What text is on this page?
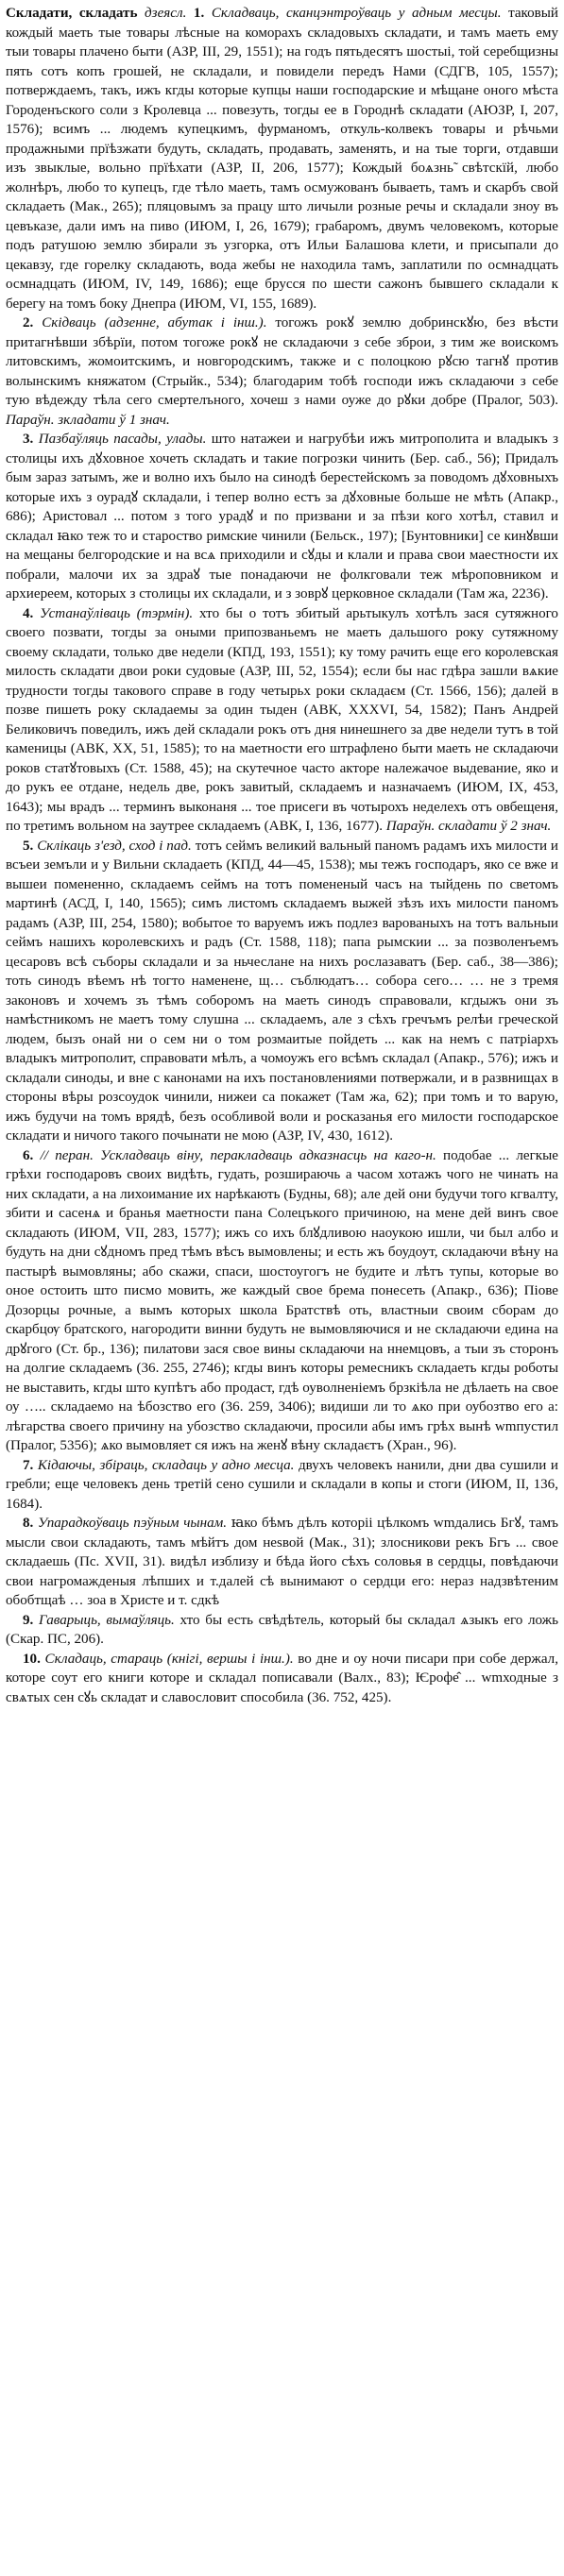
Складати, складать дзеясл. 1. Складваць, сканцэнтроўваць у адным месцы. таковый кождый маеть тые товары лѣсные на коморахъ складовыхъ складати, и тамъ маеть ему тыи товары плачено быти (АЗР, III, 29, 1551); на годъ пятьдесятъ шостыі, той серебщизны пять сотъ копъ грошей, не складали, и повидели передъ Нами (СДГВ, 105, 1557); потверждаемъ, такъ, ижъ кгды которые купцы наши господарские и мѣщане оного мѣста Городенъского соли з Кролевца ... повезуть, тогды ее в Городнѣ складати (АЮЗР, I, 207, 1576); всимъ ... людемъ купецкимъ, фурманомъ, откуль-колвекъ товары и рѣчьми продажными прїѣзжати будуть, складать, продавать, заменять, и на тые торги, отдавши изъ звыклые, вольно прїѣхати (АЗР, II, 206, 1577); Кождый боѧзнь̃ свѣтскїй, любо жолнѣръ, любо то купецъ, где тѣло маеть, тамъ осмужованъ бываеть, тамъ и скарбъ свой складаеть (Мак., 265); пляцовымъ за працу што личыли розные речы и складали зноу въ цевъказе, дали имъ на пиво (ИЮМ, I, 26, 1679); грабаромъ, двумъ человекомъ, которые подъ ратушою землю збирали зъ узгорка, отъ Ильи Балашова клети, и присыпали до цекавзу, где горелку складають, вода жебы не находила тамъ, заплатили по осмнадцать осмнадцать (ИЮМ, IV, 149, 1686); еще брусся по шести сажонъ бывшего складали к берегу на томъ боку Днепра (ИЮМ, VI, 155, 1689).

2. Скідваць (адзенне, абутак і інш.). тогожъ рокꙋ землю добринскꙋю, без вѣсти притагнѣвши збѣрїи, потом тогоже рокꙋ не складаючи з себе зброи, з тим же воискомъ литовскимъ, жомоитскимъ, и новгородскимъ, также и с полоцкою рꙋсю тагнꙋ против волынскимъ княжатом (Стрыйк., 534); благодарим тобѣ господи ижъ складаючи з себе тую вѣдежду тѣла сего смертелъного, хочеш з нами оуже до рꙋки добре (Пралог, 503). Параўн. зкладати ў 1 знач.

3. Пазбаўляць пасады, улады. што натажеи и нагрубѣи ижъ митрополита и владыкъ з столицы ихъ дꙋховное хочеть складать и такие погрозки чинить (Бер. саб., 56); Придалъ бым зараз затымъ, же и волно ихъ было на синодѣ берестейскомъ за поводомъ дꙋховныхъ которые ихъ з оурадꙋ складали, і тепер волно естъ за дꙋховные больше не мѣть (Апакр., 686); Аристовал ... потом з того урадꙋ и по призвани и за пѣзи кого хотѣл, ставил и складал ꙗко теж то и староство римские чинили (Бельск., 197); [Бунтовники] се кинꙋвши на мещаны белгородские и на всѧ приходили и сꙋды и клали и права свои маестности их побрали, малочи их за здраꙋ тые понадаючи не фолкговали теж мѣроповником и архиереем, которых з столицы их складали, и з зоврꙋ церковное складали (Там жа, 2236).

4. Устанаўліваць (тэрмін). хто бы о тотъ збитый арьтыкулъ хотѣлъ зася сутяжного своего позвати, тогды за оными припозваньемъ не маеть дальшого року сутяжному своему складати, только две недели (КПД, 193, 1551); ку тому рачить еще его королевская милость складати двои роки судовые (АЗР, III, 52, 1554); если бы нас гдѣра зашли вѧкие трудности тогды такового справе в году четырьх роки складаєм (Ст. 1566, 156); далей в позве пишеть року складаемы за один тыден (АВК, XXXVI, 54, 1582); Панъ Андрей Беликовичъ поведилъ, ижъ дей складали рокъ отъ дня нинешнего за две недели тутъ в той каменицы (АВК, XX, 51, 1585); то на маетности его штрафлено быти маеть не складаючи роков статꙋтовыхъ (Ст. 1588, 45); на скутечное часто акторе належачое выдевание, яко и до рукъ ее отдане, недель две, рокъ завитый, складаемъ и назначаемъ (ИЮМ, IX, 453, 1643); мы врадъ ... терминъ выконаня ... тое присеги въ чотырохъ неделехъ отъ овбещеня, по третимъ вольном на заутрее складаемъ (АВК, I, 136, 1677). Параўн. складати ў 2 знач.

5. Склікаць з'езд, сход і пад. тотъ сеймъ великий вальный паномъ радамъ ихъ милости и всъеи земъли и у Вильни складаеть (КПД, 44—45, 1538); мы тежъ господаръ, яко се вже и вышеи помененно, складаемъ сеймъ на тотъ помененый часъ на тыйдень по светомъ мартинѣ (АСД, I, 140, 1565); симъ листомъ складаемъ выжей зѣзъ ихъ милости паномъ радамъ (АЗР, III, 254, 1580); вобытое то варуемъ ижъ подлез варованыхъ на тотъ вальныи сеймъ нашихъ королевскихъ и радъ (Ст. 1588, 118); папа рымскии ... за позволенъемъ цесаровъ всѣ съборы складали и за ньчеслане на нихъ рослазаватъ (Бер. саб., 38—386); тоть синодъ вѣемъ нѣ тогто наменене, щ… съблюдатъ… собора сего… … не з тремя законовъ и хочемъ зъ тѣмъ соборомъ на маеть синодъ справовали, кгдыжъ они зъ намѣстникомъ не маетъ тому слушна ... складаемъ, але з сѣхъ гречъмъ релѣи греческой людем, бызъ онай ни о сем ни о том розмаитые пойдеть ... как на немъ с патрiархъ владыкъ митрополит, справовати мѣлъ, а чомоужъ его всѣмъ складал (Апакр., 576); ижъ и складали синоды, и вне с канонами на ихъ постановлениями потвержали, и в развнищах в стороны вѣры розсоудок чинили, нижеи са покажет (Там жа, 62); при томъ и то варую, ижъ будучи на томъ врядѣ, безъ особливой воли и росказанья его милости господарское складати и ничого такого почынати не мою (АЗР, IV, 430, 1612).

6. // перан. Ускладваць віну, перакладваць адказнасць на каго-н. подобае ... легкые грѣхи господаровъ своих видѣть, гудать, розшираючь а часом хотажъ чого не чинать на них складати, а на лихоимание их нарѣкають (Будны, 68); але дей они будучи того кгвалту, збити и сасенѧ и бранья маетности пана Солецъкого причиною, на мене дей винъ свое складають (ИЮМ, VII, 283, 1577); ижъ со ихъ блꙋдливою наоукою ишли, чи был албо и будуть на дни сꙋдномъ пред тѣмъ вѣсъ вымовлены; и есть жъ боудоут, складаючи вѣну на пастырѣ вымовляны; або скажи, спаси, шостоугогъ не будите и лѣтъ тупы, которые во оное остоить што писмо мовить, же каждый свое брема понесеть (Апакр., 636); Піове Дозорцы рочные, а вымъ которых школа Братствѣ оть, властныи своим сборам до скарбцѹ братского, нагородити винни будуть не вымовляючися и не складаючи едина на дрꙋгого (Ст. бр., 136); пилатови зася свое вины складаючи на ннемцовъ, а тыи зъ сторонъ на долгие складаемъ (36. 255, 2746); кгды винъ которы ремесникъ складаеть кгды роботы не выставить, кгды што купѣтъ або продаст, гдѣ оуволненіемъ брзкіѣла не дѣлаеть на свое оу ….. складаемо на ѣбозство его (36. 259, 3406); видиши ли то ѧко при оубозтво его а: лѣгарства своего причину на убозство складаючи, просили абы имъ грѣх вынѣ wmпустил (Пралог, 5356); ѧко вымовляет ся ижъ на женꙋ вѣну складаєтъ (Хран., 96).

7. Кідаючы, збіраць, складаць у адно месца. двухъ человекъ нанили, дни два сушили и гребли; еще человекъ день третій сено сушили и складали в копы и стоги (ИЮМ, II, 136, 1684).

8. Упарадкоўваць пэўным чынам. ꙗко бѣмъ дѣлъ котоpii цѣлкомъ wmдались Бгꙋ, тамъ мысли свои складають, тамъ мѣйтъ дом неsвой (Мак., 31); злосникови рекъ Бгъ ... свое складаешь (Пс. XVII, 31). видѣл изблизу и бѣда його сѣхъ соловья в сердцы, повѣдаючи свои нагромажденыя лѣпших и т.далей сѣ вынимают о сердци его: нераз надзвѣтеним обобтщаѣ … зоа в Христе и т. сдкѣ

9. Гаварыць, вымаўляць. хто бы есть свѣдѣтель, который бы складал ѧзыкъ его ложь (Скар. ПС, 206).

10. Складаць, стараць (кнігі, вершы і інш.). во дне и оу ночи писари при собе держал, которе соут его книги которе и складал пописавали (Валх., 83); Ѥрофе̂ ... wmходные з свѧтых сен сꙋь складат и славословит способила (36. 752, 425).
